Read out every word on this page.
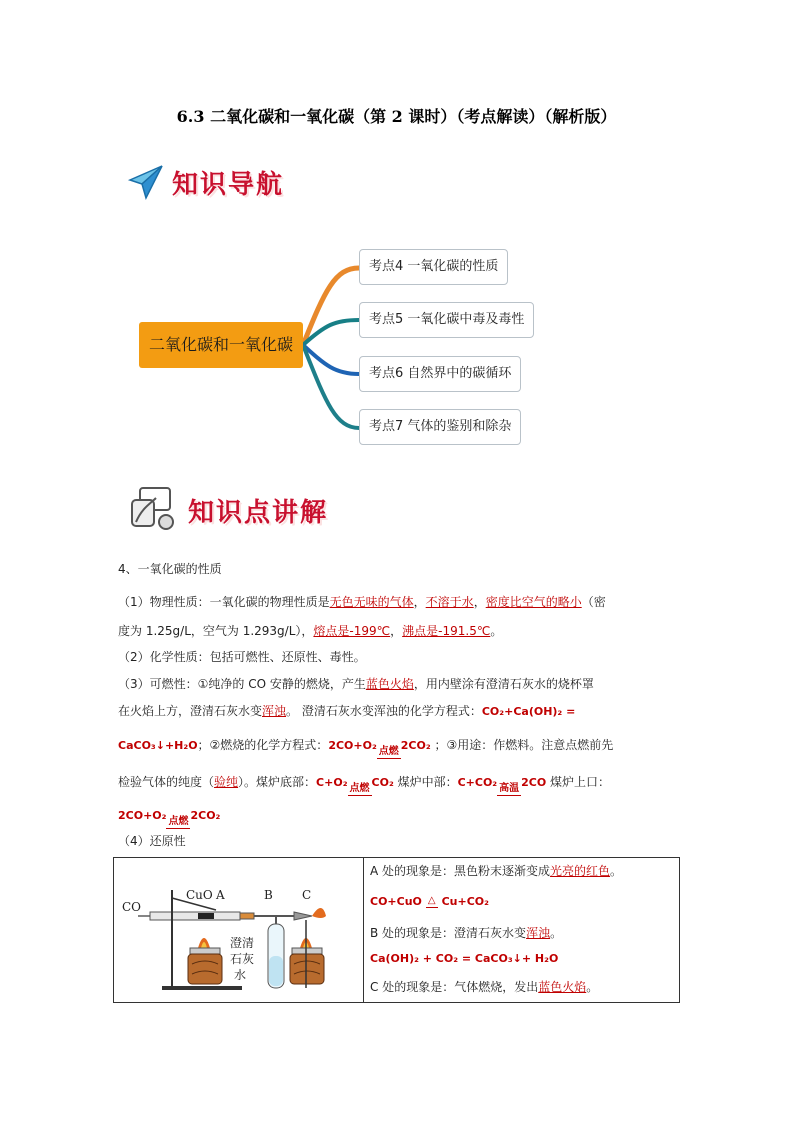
6.3 二氧化碳和一氧化碳（第 2 课时）（考点解读）（解析版）
知识导航
二氧化碳和一氧化碳
考点4 一氧化碳的性质
考点5 一氧化碳中毒及毒性
考点6 自然界中的碳循环
考点7 气体的鉴别和除杂
知识点讲解
4、一氧化碳的性质
（1）物理性质：一氧化碳的物理性质是无色无味的气体，不溶于水，密度比空气的略小（密
度为 1.25g/L，空气为 1.293g/L），熔点是-199℃，沸点是-191.5℃。
（2）化学性质：包括可燃性、还原性、毒性。
（3）可燃性：①纯净的 CO 安静的燃烧，产生蓝色火焰，用内壁涂有澄清石灰水的烧杯罩
在火焰上方，澄清石灰水变浑浊。 澄清石灰水变浑浊的化学方程式：CO₂+Ca(OH)₂ =
CaCO₃↓+H₂O；②燃烧的化学方程式：2CO+O₂ 点燃 2CO₂ ；③用途：作燃料。注意点燃前先
检验气体的纯度（验纯）。煤炉底部：C+O₂ 点燃 CO₂ 煤炉中部：C+CO₂ 高温 2CO 煤炉上口：
2CO+O₂ 点燃 2CO₂
（4）还原性
CO
CuO A	B C
澄清
石灰
水
A 处的现象是：黑色粉末逐渐变成光亮的红色。
CO+CuO △ Cu+CO₂
B 处的现象是：澄清石灰水变浑浊。
Ca(OH)₂ + CO₂ = CaCO₃↓+ H₂O
C 处的现象是：气体燃烧，发出蓝色火焰。
